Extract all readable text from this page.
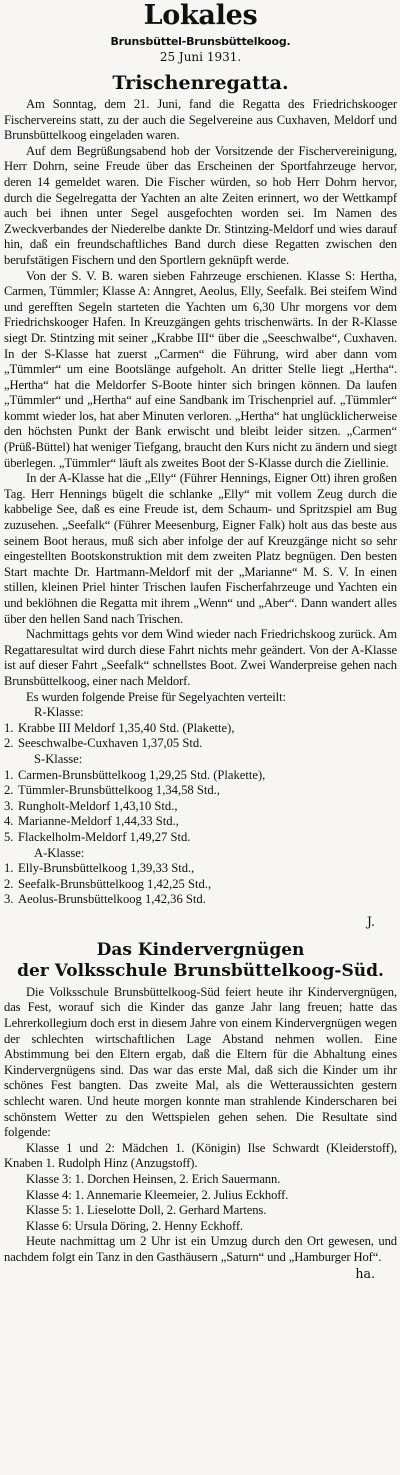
Lokales
Brunsbüttel-Brunsbüttelkoog.
25 Juni 1931.
Trischenregatta.

Am Sonntag, dem 21. Juni, fand die Regatta des Friedrichskooger Fischervereins statt, zu der auch die Segelvereine aus Cuxhaven, Meldorf und Brunsbüttelkoog eingeladen waren.

Auf dem Begrüßungsabend hob der Vorsitzende der Fischervereinigung, Herr Dohrn, seine Freude über das Erscheinen der Sportfahrzeuge hervor, deren 14 gemeldet waren. Die Fischer würden, so hob Herr Dohrn hervor, durch die Segelregatta der Yachten an alte Zeiten erinnert, wo der Wettkampf auch bei ihnen unter Segel ausgefochten worden sei. Im Namen des Zweckverbandes der Niederelbe dankte Dr. Stintzing-Meldorf und wies darauf hin, daß ein freundschaftliches Band durch diese Regatten zwischen den berufstätigen Fischern und den Sportlern geknüpft werde.

Von der S. V. B. waren sieben Fahrzeuge erschienen. Klasse S: Hertha, Carmen, Tümmler; Klasse A: Anngret, Aeolus, Elly, Seefalk. Bei steifem Wind und gerefften Segeln starteten die Yachten um 6,30 Uhr morgens vor dem Friedrichskooger Hafen. In Kreuzgängen gehts trischenwärts. In der R-Klasse siegt Dr. Stintzing mit seiner „Krabbe III“ über die „Seeschwalbe“, Cuxhaven. In der S-Klasse hat zuerst „Carmen“ die Führung, wird aber dann vom „Tümmler“ um eine Bootslänge aufgeholt. An dritter Stelle liegt „Hertha“. „Hertha“ hat die Meldorfer S-Boote hinter sich bringen können. Da laufen „Tümmler“ und „Hertha“ auf eine Sandbank im Trischenpriel auf. „Tümmler“ kommt wieder los, hat aber Minuten verloren. „Hertha“ hat unglücklicherweise den höchsten Punkt der Bank erwischt und bleibt leider sitzen. „Carmen“ (Prüß-Büttel) hat weniger Tiefgang, braucht den Kurs nicht zu ändern und siegt überlegen. „Tümmler“ läuft als zweites Boot der S-Klasse durch die Ziellinie.

In der A-Klasse hat die „Elly“ (Führer Hennings, Eigner Ott) ihren großen Tag. Herr Hennings bügelt die schlanke „Elly“ mit vollem Zeug durch die kabbelige See, daß es eine Freude ist, dem Schaum- und Spritzspiel am Bug zuzusehen. „Seefalk“ (Führer Meesenburg, Eigner Falk) holt aus das beste aus seinem Boot heraus, muß sich aber infolge der auf Kreuzgänge nicht so sehr eingestellten Bootskonstruktion mit dem zweiten Platz begnügen. Den besten Start machte Dr. Hartmann-Meldorf mit der „Marianne“ M. S. V. In einen stillen, kleinen Priel hinter Trischen laufen Fischerfahrzeuge und Yachten ein und beklöhnen die Regatta mit ihrem „Wenn“ und „Aber“. Dann wandert alles über den hellen Sand nach Trischen.

Nachmittags gehts vor dem Wind wieder nach Friedrichskoog zurück. Am Regattaresultat wird durch diese Fahrt nichts mehr geändert. Von der A-Klasse ist auf dieser Fahrt „Seefalk“ schnellstes Boot. Zwei Wanderpreise gehen nach Brunsbüttelkoog, einer nach Meldorf.

Es wurden folgende Preise für Segelyachten verteilt:

R-Klasse:
1. Krabbe III Meldorf 1,35,40 Std. (Plakette),
2. Seeschwalbe-Cuxhaven 1,37,05 Std.
S-Klasse:
1. Carmen-Brunsbüttelkoog 1,29,25 Std. (Plakette),
2. Tümmler-Brunsbüttelkoog 1,34,58 Std.,
3. Rungholt-Meldorf 1,43,10 Std.,
4. Marianne-Meldorf 1,44,33 Std.,
5. Flackelholm-Meldorf 1,49,27 Std.
A-Klasse:
1. Elly-Brunsbüttelkoog 1,39,33 Std.,
2. Seefalk-Brunsbüttelkoog 1,42,25 Std.,
3. Aeolus-Brunsbüttelkoog 1,42,36 Std.
J.
Das Kindervergnügen
der Volksschule Brunsbüttelkoog-Süd.

Die Volksschule Brunsbüttelkoog-Süd feiert heute ihr Kindervergnügen, das Fest, worauf sich die Kinder das ganze Jahr lang freuen; hatte das Lehrerkollegium doch erst in diesem Jahre von einem Kindervergnügen wegen der schlechten wirtschaftlichen Lage Abstand nehmen wollen. Eine Abstimmung bei den Eltern ergab, daß die Eltern für die Abhaltung eines Kindervergnügens sind. Das war das erste Mal, daß sich die Kinder um ihr schönes Fest bangten. Das zweite Mal, als die Wetteraussichten gestern schlecht waren. Und heute morgen konnte man strahlende Kinderscharen bei schönstem Wetter zu den Wettspielen gehen sehen. Die Resultate sind folgende:

Klasse 1 und 2: Mädchen 1. (Königin) Ilse Schwardt (Kleiderstoff), Knaben 1. Rudolph Hinz (Anzugstoff).

Klasse 3: 1. Dorchen Heinsen, 2. Erich Sauermann.

Klasse 4: 1. Annemarie Kleemeier, 2. Julius Eckhoff.

Klasse 5: 1. Lieselotte Doll, 2. Gerhard Martens.

Klasse 6: Ursula Döring, 2. Henny Eckhoff.

Heute nachmittag um 2 Uhr ist ein Umzug durch den Ort gewesen, und nachdem folgt ein Tanz in den Gasthäusern „Saturn“ und „Hamburger Hof“.

ha.
